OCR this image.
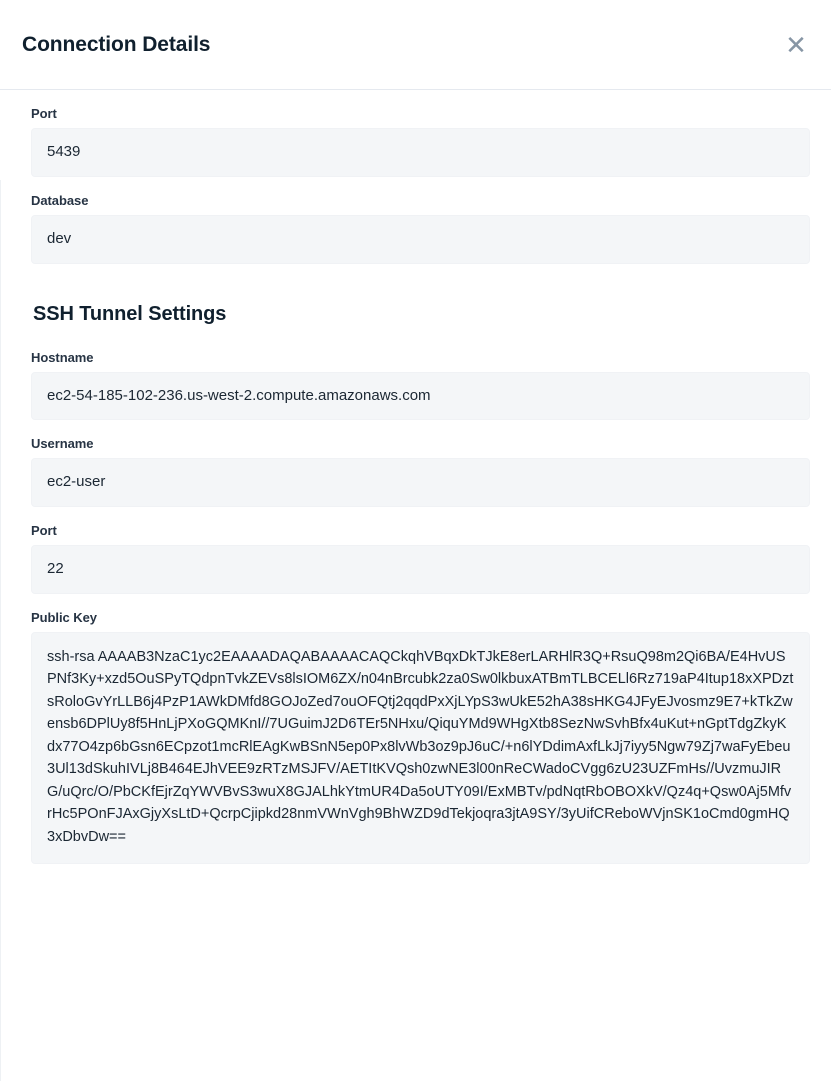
Connection Details	✕
Port
5439
Database
dev
SSH Tunnel Settings
Hostname
ec2-54-185-102-236.us-west-2.compute.amazonaws.com
Username
ec2-user
Port
22
Public Key
ssh-rsa AAAAB3NzaC1yc2EAAAADAQABAAAACAQCkqhVBqxDkTJkE8erLARHlR3Q+RsuQ98m2Qi6BA/E4HvUSPNf3Ky+xzd5OuSPyTQdpnTvkZEVs8lsIOM6ZX/n04nBrcubk2za0Sw0lkbuxATBmTLBCELl6Rz719aP4Itup18xXPDztsRoloGvYrLLB6j4PzP1AWkDMfd8GOJoZed7ouOFQtj2qqdPxXjLYpS3wUkE52hA38sHKG4JFyEJvosmz9E7+kTkZwensb6DPlUy8f5HnLjPXoGQMKnI//7UGuimJ2D6TEr5NHxu/QiquYMd9WHgXtb8SezNwSvhBfx4uKut+nGptTdgZkyKdx77O4zp6bGsn6ECpzot1mcRlEAgKwBSnN5ep0Px8lvWb3oz9pJ6uC/+n6lYDdimAxfLkJj7iyy5Ngw79Zj7waFyEbeu3Ul13dSkuhIVLj8B464EJhVEE9zRTzMSJFV/AETItKVQsh0zwNE3l00nReCWadoCVgg6zU23UZFmHs//UvzmuJIRG/uQrc/O/PbCKfEjrZqYWVBvS3wuX8GJALhkYtmUR4Da5oUTY09I/ExMBTv/pdNqtRbOBOXkV/Qz4q+Qsw0Aj5MfvrHc5POnFJAxGjyXsLtD+QcrpCjipkd28nmVWnVgh9BhWZD9dTekjoqra3jtA9SY/3yUifCReboWVjnSK1oCmd0gmHQ3xDbvDw==
